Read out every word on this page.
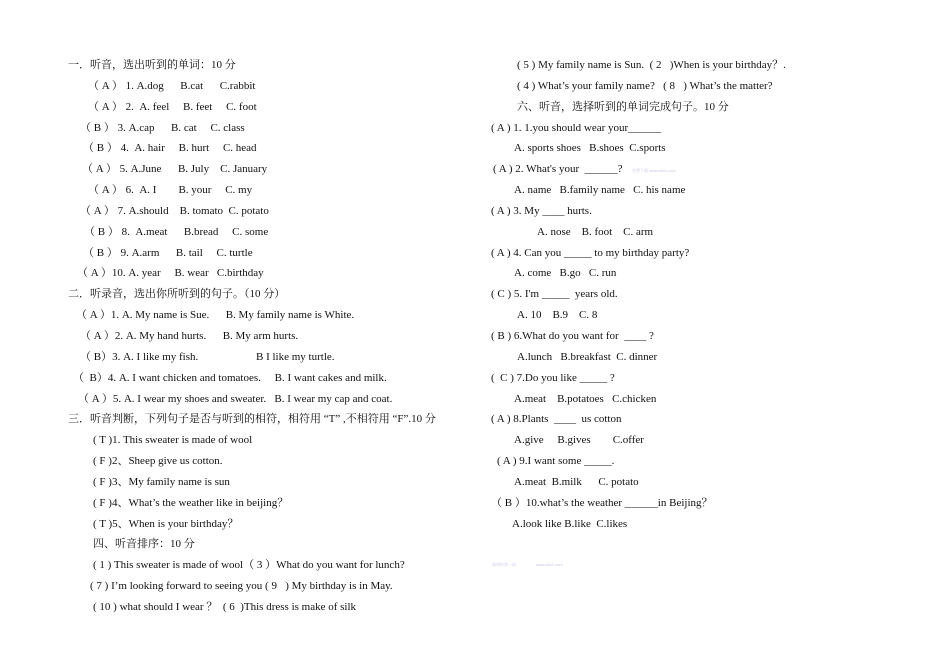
一．听音，选出听到的单词：10 分
（ A ） 1. A.dog      B.cat      C.rabbit
（ A ） 2.  A. feel     B. feet     C. foot
（ B ） 3. A.cap      B. cat     C. class
（ B ） 4.  A. hair     B. hurt     C. head
（ A ） 5. A.June      B. July    C. January
（ A ） 6.  A. I        B. your     C. my
（ A ） 7. A.should    B. tomato  C. potato
（ B ） 8.  A.meat      B.bread     C. some
（ B ） 9. A.arm      B. tail     C. turtle
（ A ）10. A. year     B. wear   C.birthday
二．听录音，选出你所听到的句子。（10 分）
（ A ）1. A. My name is Sue.      B. My family name is White.
（ A ）2. A. My hand hurts.      B. My arm hurts.
（ B）3. A. I like my fish.                     B I like my turtle.
（  B）4. A. I want chicken and tomatoes.     B. I want cakes and milk.
（ A ）5. A. I wear my shoes and sweater.   B. I wear my cap and coat.
三．听音判断，下列句子是否与听到的相符，相符用 “T” ,不相符用 “F”.10 分
( T )1. This sweater is made of wool
( F )2、Sheep give us cotton.
( F )3、My family name is sun
( F )4、What’s the weather like in beijing？
( T )5、When is your birthday？
四、听音排序：10 分
( 1 ) This sweater is made of wool（ 3 ）What do you want for lunch?
( 7 ) I’m looking forward to seeing you ( 9   ) My birthday is in May.
( 10 ) what should I wear ？  ( 6  )This dress is make of silk
( 5 ) My family name is Sun.  ( 2   )When is your birthday？.
( 4 ) What’s your family name?   ( 8   ) What’s the matter?
六、听音，选择听到的单词完成句子。10 分
( A ) 1. 1.you should wear your______
A. sports shoes   B.shoes  C.sports
( A ) 2. What's your  ______?
A. name   B.family name   C. his name
( A ) 3. My ____ hurts.
A. nose    B. foot    C. arm
( A ) 4. Can you _____ to my birthday party?
A. come   B.go   C. run
( C ) 5. I'm _____  years old.
A. 10    B.9    C. 8
( B ) 6.What do you want for  ____ ?
A.lunch   B.breakfast  C. dinner
(  C ) 7.Do you like _____ ?
A.meat    B.potatoes   C.chicken
( A ) 8.Plants  ____  us cotton
A.give     B.gives        C.offer
( A ) 9.I want some _____.
A.meat  B.milk      C. potato
（ B ）10.what’s the weather ______in Beijing？
A.look like B.like  C.likes
免费下载 www.xkb1.com
新课标第一网	www.xkb1.com
